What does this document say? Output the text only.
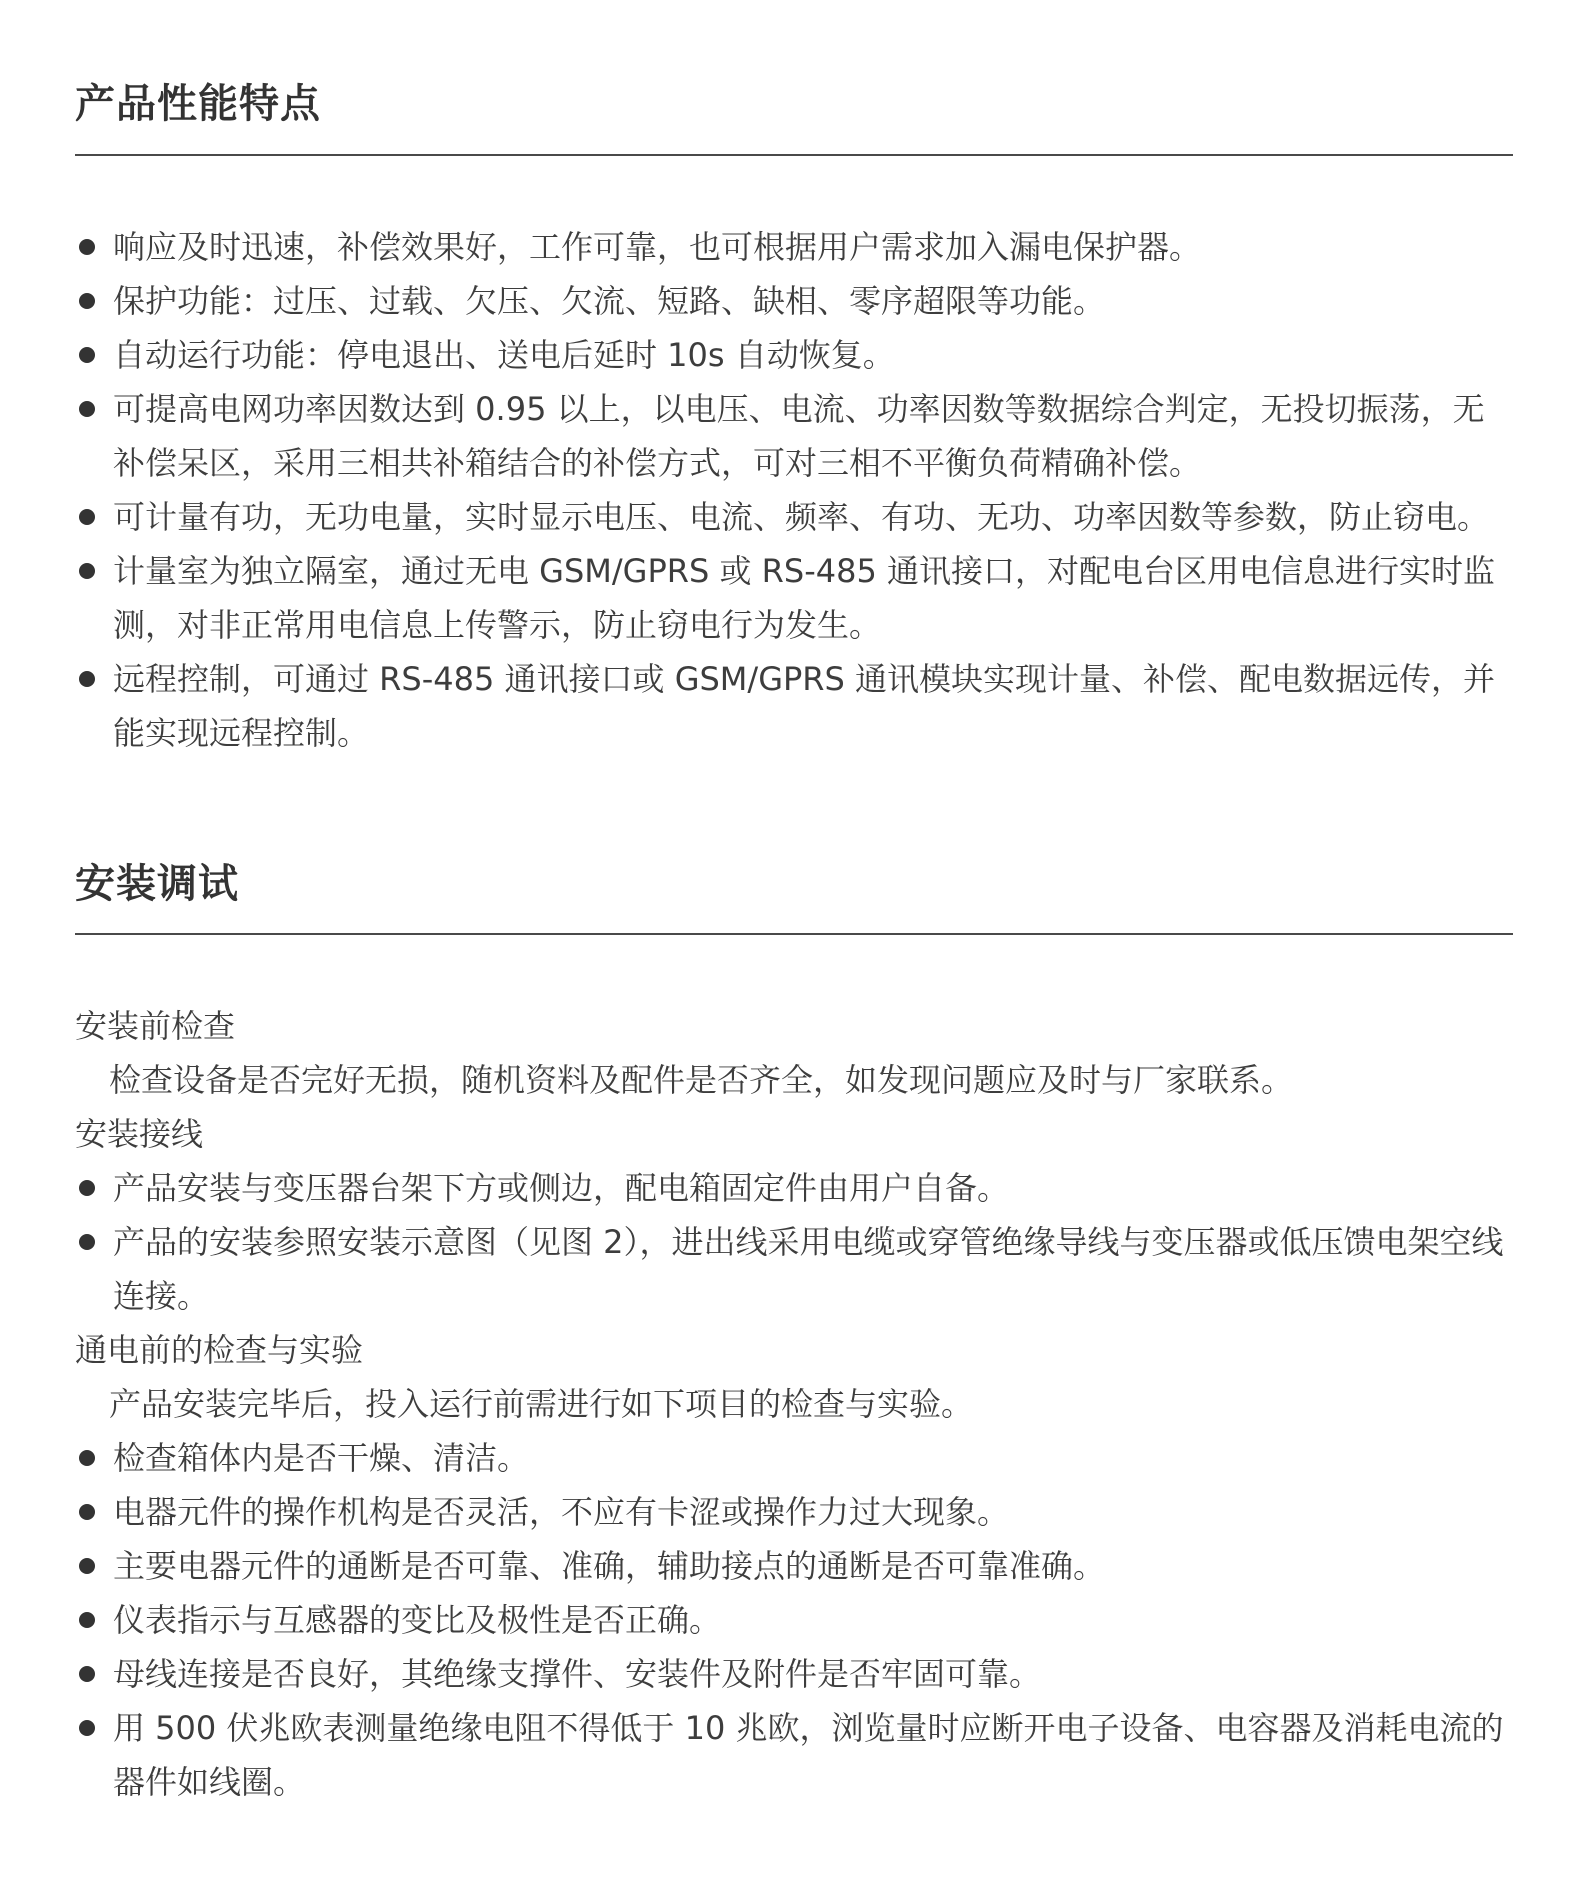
产品性能特点
响应及时迅速，补偿效果好，工作可靠，也可根据用户需求加入漏电保护器。
保护功能：过压、过载、欠压、欠流、短路、缺相、零序超限等功能。
自动运行功能：停电退出、送电后延时 10s 自动恢复。
可提高电网功率因数达到 0.95 以上，以电压、电流、功率因数等数据综合判定，无投切振荡，无补偿呆区，采用三相共补箱结合的补偿方式，可对三相不平衡负荷精确补偿。
可计量有功，无功电量，实时显示电压、电流、频率、有功、无功、功率因数等参数，防止窃电。
计量室为独立隔室，通过无电 GSM/GPRS 或 RS-485 通讯接口，对配电台区用电信息进行实时监测，对非正常用电信息上传警示，防止窃电行为发生。
远程控制，可通过 RS-485 通讯接口或 GSM/GPRS 通讯模块实现计量、补偿、配电数据远传，并能实现远程控制。
安装调试

安装前检查

检查设备是否完好无损，随机资料及配件是否齐全，如发现问题应及时与厂家联系。

安装接线

产品安装与变压器台架下方或侧边，配电箱固定件由用户自备。
产品的安装参照安装示意图（见图 2），进出线采用电缆或穿管绝缘导线与变压器或低压馈电架空线连接。

通电前的检查与实验

产品安装完毕后，投入运行前需进行如下项目的检查与实验。

检查箱体内是否干燥、清洁。
电器元件的操作机构是否灵活，不应有卡涩或操作力过大现象。
主要电器元件的通断是否可靠、准确，辅助接点的通断是否可靠准确。
仪表指示与互感器的变比及极性是否正确。
母线连接是否良好，其绝缘支撑件、安装件及附件是否牢固可靠。
用 500 伏兆欧表测量绝缘电阻不得低于 10 兆欧，浏览量时应断开电子设备、电容器及消耗电流的器件如线圈。
